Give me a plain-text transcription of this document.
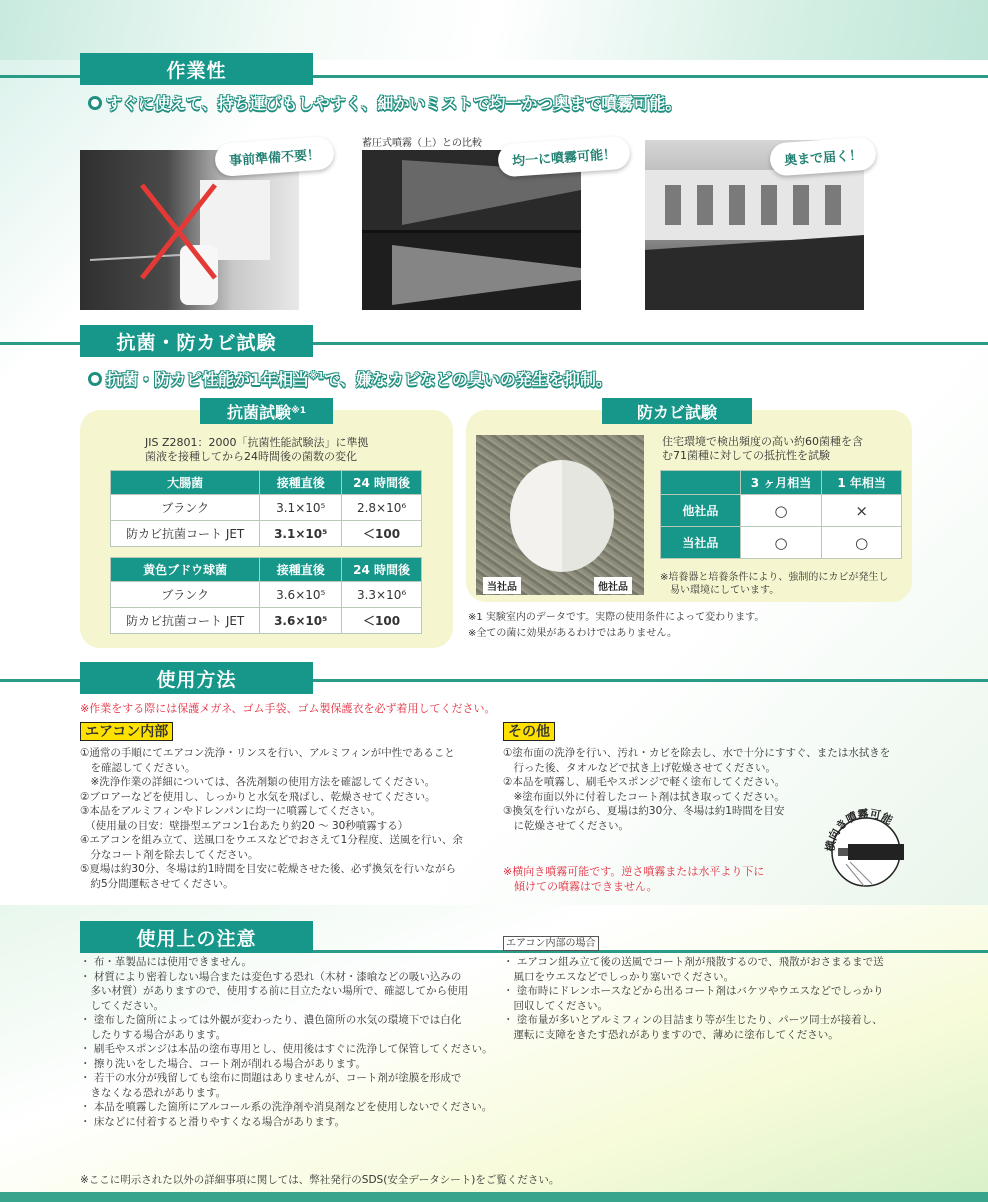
作業性
すぐに使えて、持ち運びもしやすく、細かいミストで均一かつ奥まで噴霧可能。
事前準備不要！
蓄圧式噴霧（上）との比較
均一に噴霧可能！	奥まで届く！
抗菌・防カビ試験
抗菌・防カビ性能が1年相当$^{※1}$で、嫌なカビなどの臭いの発生を抑制。
抗菌試験 ※1
JIS Z2801：2000「抗菌性能試験法」に準拠
菌液を接種してから24時間後の菌数の変化
大腸菌	接種直後	24 時間後
ブランク	3.1×10⁵	2.8×10⁶
防カビ抗菌コート JET	3.1×10⁵	＜100
黄色ブドウ球菌	接種直後	24 時間後
ブランク	3.6×10⁵	3.3×10⁶
防カビ抗菌コート JET	3.6×10⁵	＜100
防カビ試験
当社品	他社品
住宅環境で検出頻度の高い約60菌種を含
む71菌種に対しての抵抗性を試験
	3 ヶ月相当	1 年相当
他社品	○	×
当社品	○	○
※培養器と培養条件により、強制的にカビが発生し
易い環境にしています。
※1 実験室内のデータです。実際の使用条件によって変わります。
※全ての菌に効果があるわけではありません。
使用方法
※作業をする際には保護メガネ、ゴム手袋、ゴム製保護衣を必ず着用してください。
エアコン内部
①通常の手順にてエアコン洗浄・リンスを行い、アルミフィンが中性であること
　を確認してください。
　※洗浄作業の詳細については、各洗剤類の使用方法を確認してください。
②ブロアーなどを使用し、しっかりと水気を飛ばし、乾燥させてください。
③本品をアルミフィンやドレンパンに均一に噴霧してください。
　（使用量の目安：壁掛型エアコン1台あたり約20 〜 30秒噴霧する）
④エアコンを組み立て、送風口をウエスなどでおさえて1分程度、送風を行い、余
　分なコート剤を除去してください。
⑤夏場は約30分、冬場は約1時間を目安に乾燥させた後、必ず換気を行いながら
　約5分間運転させてください。
その他
①塗布面の洗浄を行い、汚れ・カビを除去し、水で十分にすすぐ、または水拭きを
　行った後、タオルなどで拭き上げ乾燥させてください。
②本品を噴霧し、刷毛やスポンジで軽く塗布してください。
　※塗布面以外に付着したコート剤は拭き取ってください。
③換気を行いながら、夏場は約30分、冬場は約1時間を目安
　に乾燥させてください。
※横向き噴霧可能です。逆さ噴霧または水平より下に
　傾けての噴霧はできません。
横向き噴霧可能
使用上の注意
・ 布・革製品には使用できません。
・ 材質により密着しない場合または変色する恐れ（木材・漆喰などの吸い込みの
　多い材質）がありますので、使用する前に目立たない場所で、確認してから使用
　してください。
・ 塗布した箇所によっては外観が変わったり、濃色箇所の水気の環境下では白化
　したりする場合があります。
・ 刷毛やスポンジは本品の塗布専用とし、使用後はすぐに洗浄して保管してください。
・ 擦り洗いをした場合、コート剤が削れる場合があります。
・ 若干の水分が残留しても塗布に問題はありませんが、コート剤が塗膜を形成で
　きなくなる恐れがあります。
・ 本品を噴霧した箇所にアルコール系の洗浄剤や消臭剤などを使用しないでください。
・ 床などに付着すると滑りやすくなる場合があります。
エアコン内部の場合
・ エアコン組み立て後の送風でコート剤が飛散するので、飛散がおさまるまで送
　風口をウエスなどでしっかり塞いでください。
・ 塗布時にドレンホースなどから出るコート剤はバケツやウエスなどでしっかり
　回収してください。
・ 塗布量が多いとアルミフィンの目詰まり等が生じたり、パーツ同士が接着し、
　運転に支障をきたす恐れがありますので、薄めに塗布してください。
※ここに明示された以外の詳細事項に関しては、弊社発行のSDS(安全データシート)をご覧ください。
